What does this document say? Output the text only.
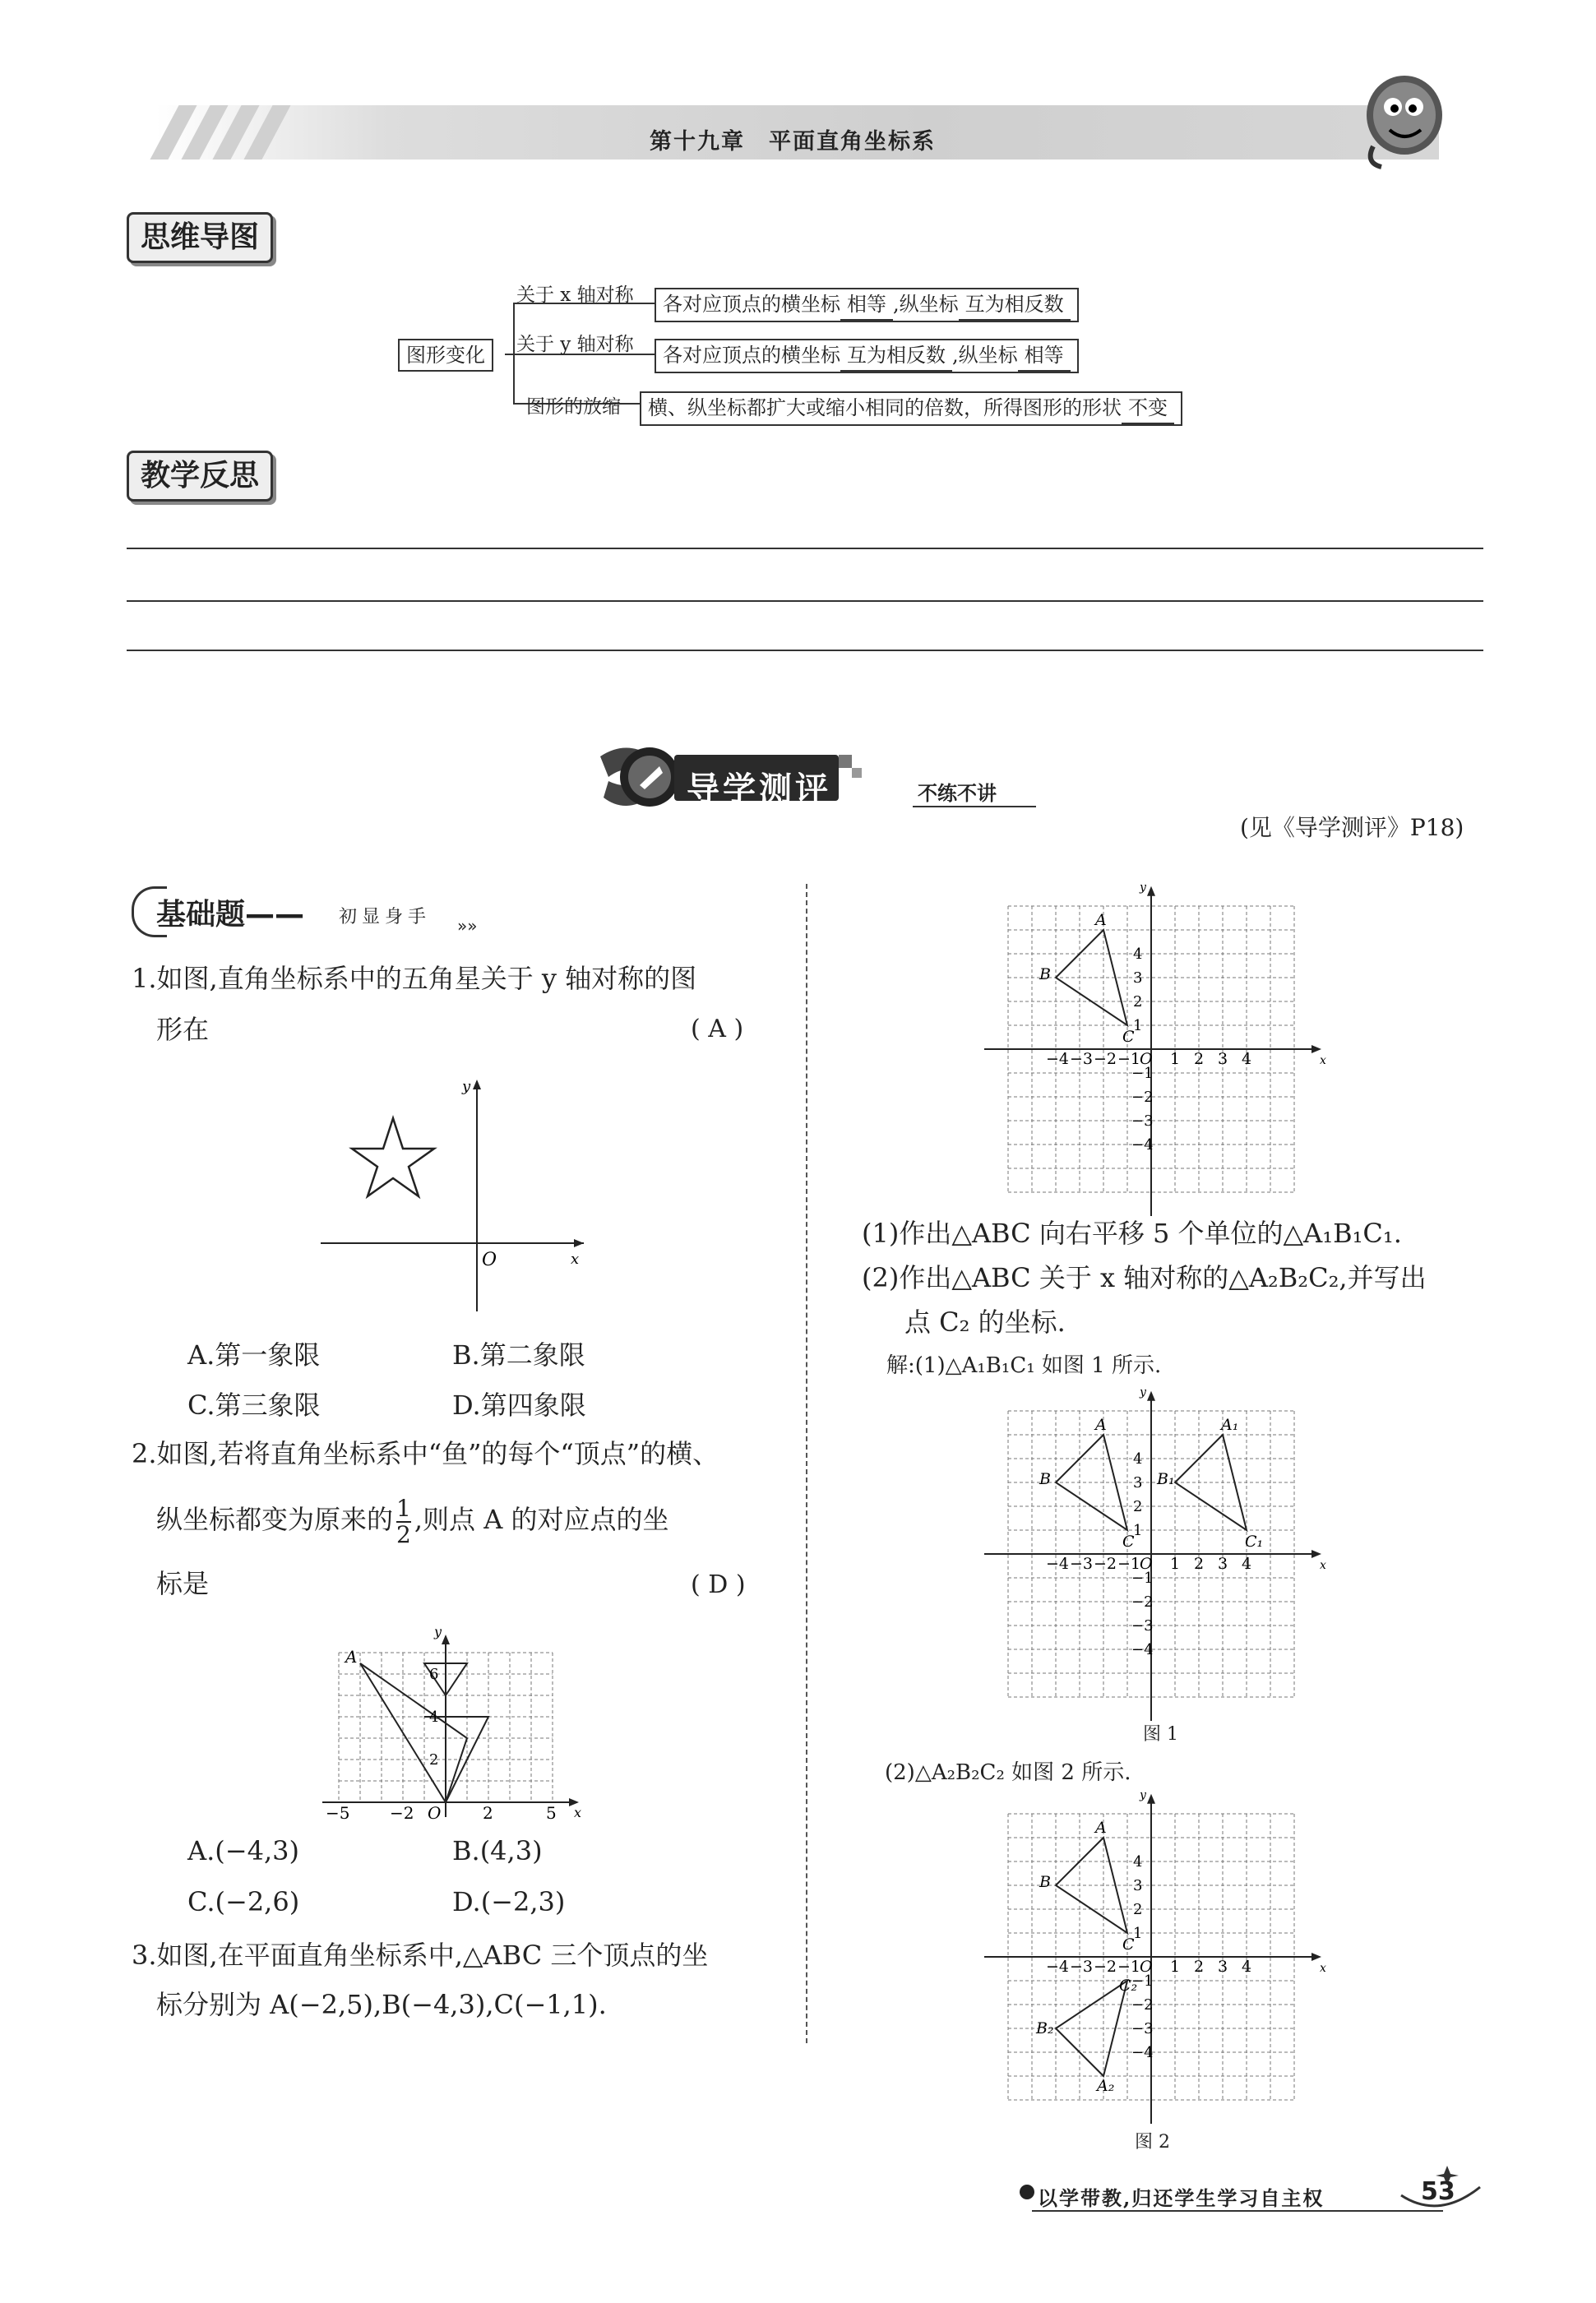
第十九章　平面直角坐标系
思维导图
图形变化
关于 x 轴对称
关于 y 轴对称
图形的放缩
各对应顶点的横坐标 相等 ,纵坐标 互为相反数
各对应顶点的横坐标 互为相反数 ,纵坐标 相等
横、纵坐标都扩大或缩小相同的倍数，所得图形的形状 不变
教学反思
导学测评	不练不讲
(见《导学测评》P18)
基础题—— 初显身手 »»
1.如图,直角坐标系中的五角星关于 y 轴对称的图
形在	( A )
O	x
y
A.第一象限	B.第二象限
C.第三象限	D.第四象限
2.如图,若将直角坐标系中“鱼”的每个“顶点”的横、
纵坐标都变为原来的 $\frac{1}{2}$ ,则点 A 的对应点的坐
标是	( D )
A
−5 −2	2	5
O
6
4
2
x
y
A.(−4,3)	B.(4,3)
C.(−2,6)	D.(−2,3)
3.如图,在平面直角坐标系中,△ABC 三个顶点的坐
标分别为 A(−2,5),B(−4,3),C(−1,1).
x
y
−4 −3 −2 −1
O 1 2 3 4
4
3
2
1
−1
−2
−3
−4
A
B
C
(1)作出△ABC 向右平移 5 个单位的△A₁B₁C₁.
(2)作出△ABC 关于 x 轴对称的△A₂B₂C₂,并写出
点 C₂ 的坐标.
解:(1)△A₁B₁C₁ 如图 1 所示.
x
y
−4 −3 −2 −1
O 1 2 3 4
4
3
2
1
−1
−2
−3
−4
A
B
C
A₁
B₁
C₁
图 1
(2)△A₂B₂C₂ 如图 2 所示.
x
y
−4 −3 −2 −1
O 1 2 3 4
4
3
2
1
−1
−2
−3
−4
A
B
C
A₂
B₂
C₂
图 2
以学带教,归还学生学习自主权	53
